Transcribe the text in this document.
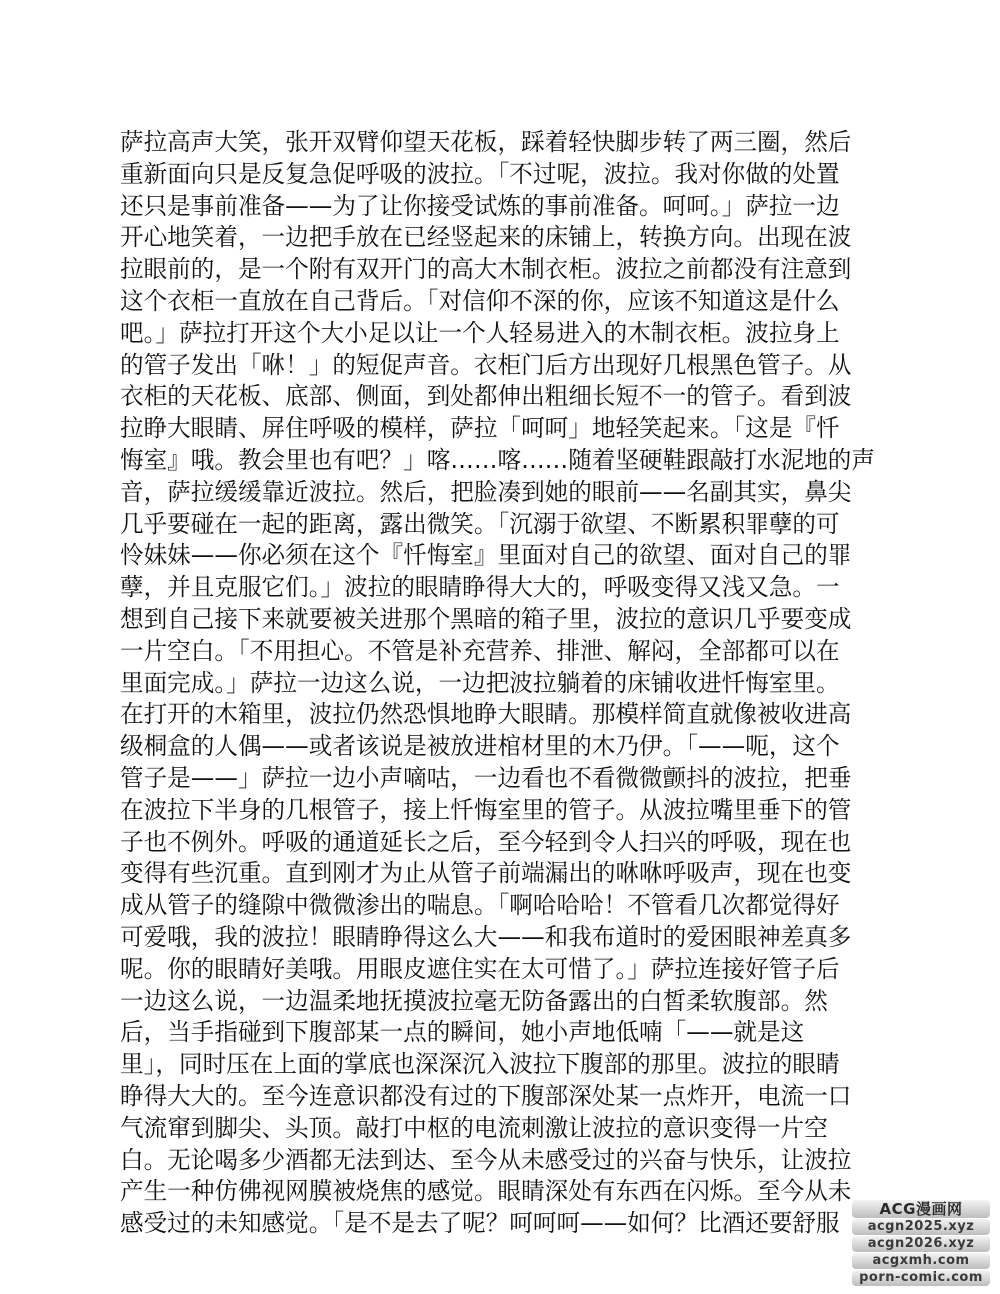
萨拉高声大笑，张开双臂仰望天花板，踩着轻快脚步转了两三圈，然后
重新面向只是反复急促呼吸的波拉。「不过呢，波拉。我对你做的处置
还只是事前准备——为了让你接受试炼的事前准备。呵呵。」萨拉一边
开心地笑着，一边把手放在已经竖起来的床铺上，转换方向。出现在波
拉眼前的，是一个附有双开门的高大木制衣柜。波拉之前都没有注意到
这个衣柜一直放在自己背后。「对信仰不深的你，应该不知道这是什么
吧。」萨拉打开这个大小足以让一个人轻易进入的木制衣柜。波拉身上
的管子发出「咻！」的短促声音。衣柜门后方出现好几根黑色管子。从
衣柜的天花板、底部、侧面，到处都伸出粗细长短不一的管子。看到波
拉睁大眼睛、屏住呼吸的模样，萨拉「呵呵」地轻笑起来。「这是『忏
悔室』哦。教会里也有吧？」喀……喀……随着坚硬鞋跟敲打水泥地的声
音，萨拉缓缓靠近波拉。然后，把脸凑到她的眼前——名副其实，鼻尖
几乎要碰在一起的距离，露出微笑。「沉溺于欲望、不断累积罪孽的可
怜妹妹——你必须在这个『忏悔室』里面对自己的欲望、面对自己的罪
孽，并且克服它们。」波拉的眼睛睁得大大的，呼吸变得又浅又急。一
想到自己接下来就要被关进那个黑暗的箱子里，波拉的意识几乎要变成
一片空白。「不用担心。不管是补充营养、排泄、解闷，全部都可以在
里面完成。」萨拉一边这么说，一边把波拉躺着的床铺收进忏悔室里。
在打开的木箱里，波拉仍然恐惧地睁大眼睛。那模样简直就像被收进高
级桐盒的人偶——或者该说是被放进棺材里的木乃伊。「——呃，这个
管子是——」萨拉一边小声嘀咕，一边看也不看微微颤抖的波拉，把垂
在波拉下半身的几根管子，接上忏悔室里的管子。从波拉嘴里垂下的管
子也不例外。呼吸的通道延长之后，至今轻到令人扫兴的呼吸，现在也
变得有些沉重。直到刚才为止从管子前端漏出的咻咻呼吸声，现在也变
成从管子的缝隙中微微渗出的喘息。「啊哈哈哈！不管看几次都觉得好
可爱哦，我的波拉！眼睛睁得这么大——和我布道时的爱困眼神差真多
呢。你的眼睛好美哦。用眼皮遮住实在太可惜了。」萨拉连接好管子后
一边这么说，一边温柔地抚摸波拉毫无防备露出的白皙柔软腹部。然
后，当手指碰到下腹部某一点的瞬间，她小声地低喃「——就是这
里」，同时压在上面的掌底也深深沉入波拉下腹部的那里。波拉的眼睛
睁得大大的。至今连意识都没有过的下腹部深处某一点炸开，电流一口
气流窜到脚尖、头顶。敲打中枢的电流刺激让波拉的意识变得一片空
白。无论喝多少酒都无法到达、至今从未感受过的兴奋与快乐，让波拉
产生一种仿佛视网膜被烧焦的感觉。眼睛深处有东西在闪烁。至今从未
感受过的未知感觉。「是不是去了呢？呵呵呵——如何？比酒还要舒服
ACG漫画网
acgn2025.xyz
acgn2026.xyz
acgxmh.com
porn-comic.com
